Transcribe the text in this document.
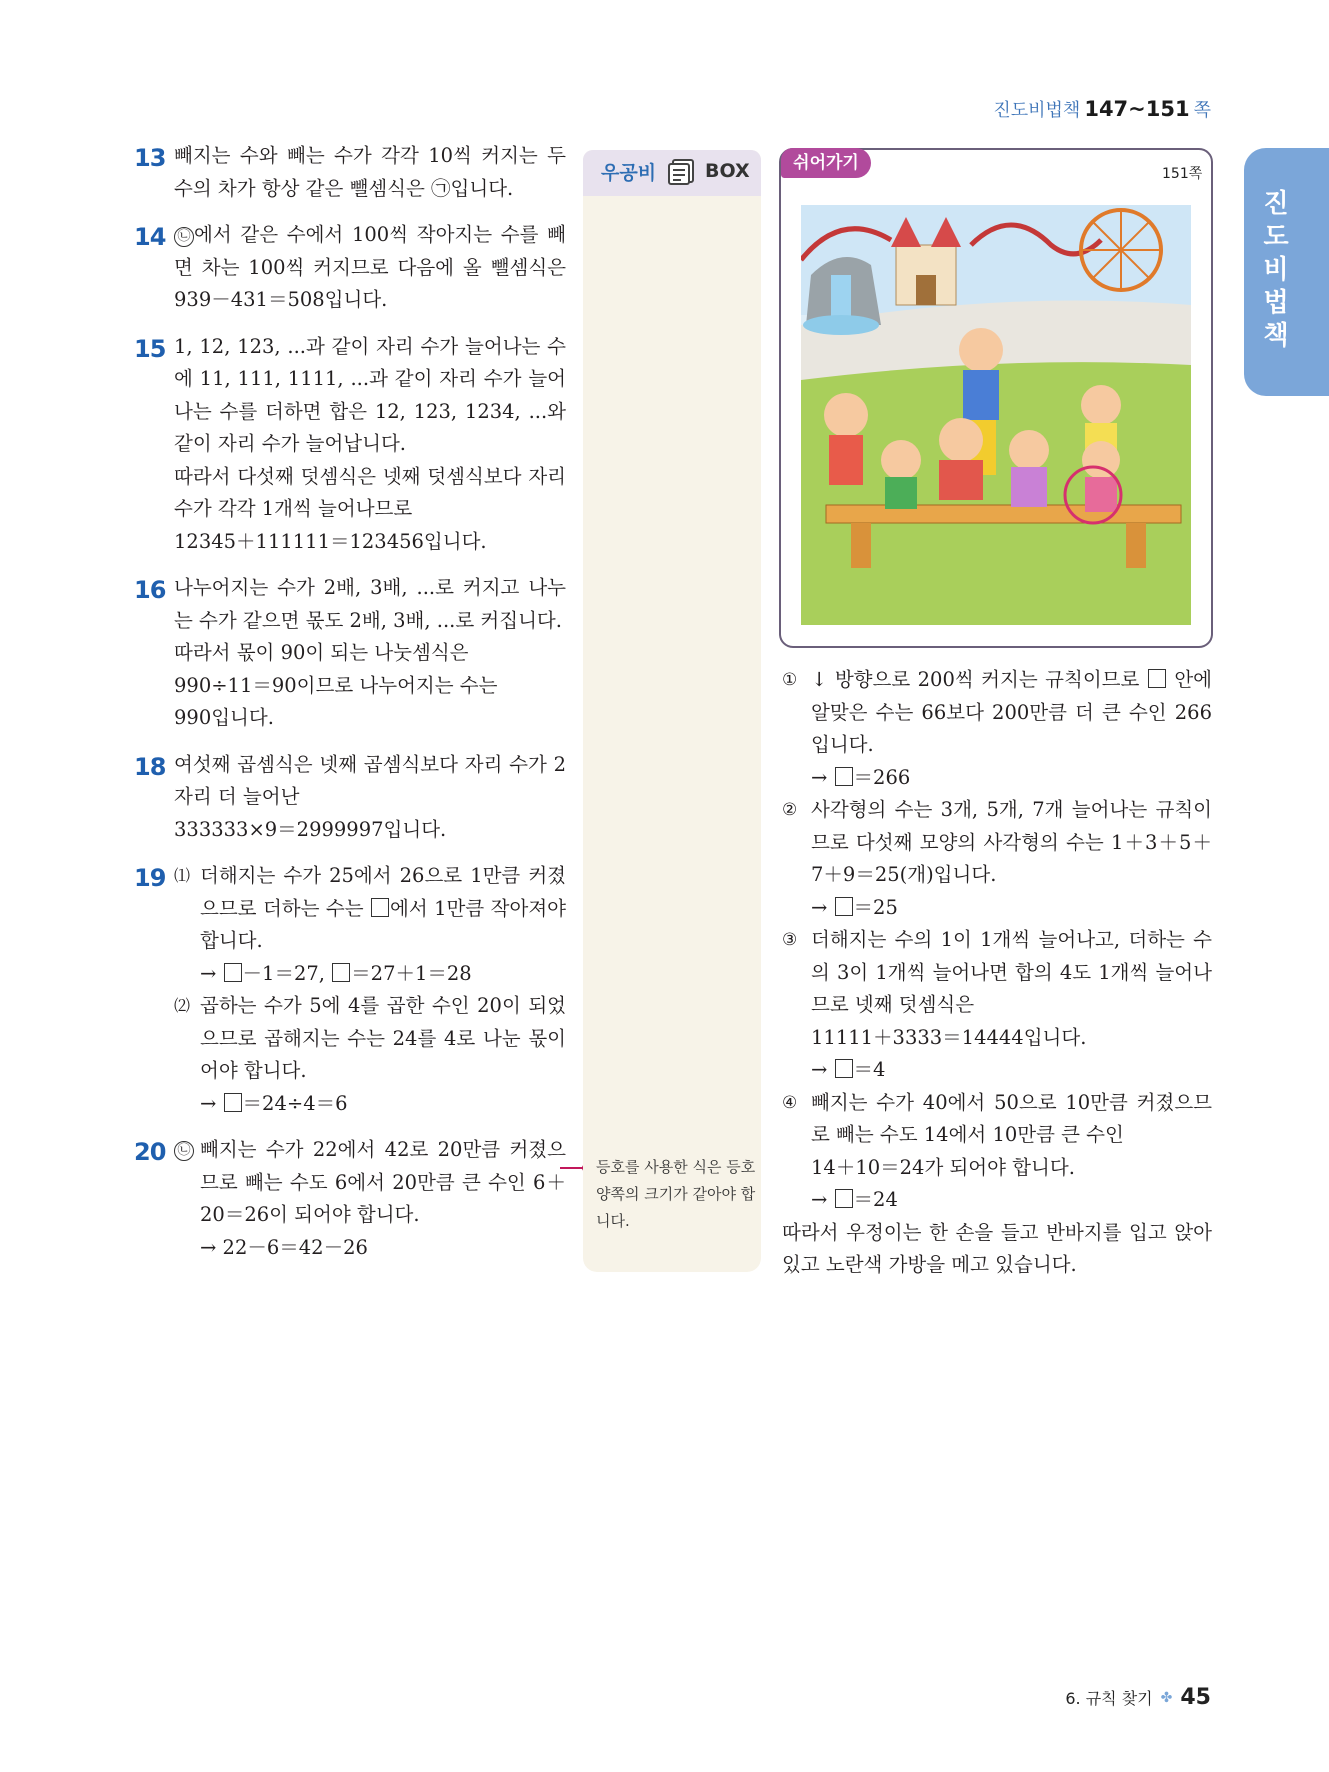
진도비법책 147~151 쪽
진도비법책
13 빼지는 수와 빼는 수가 각각 10씩 커지는 두 수의 차가 항상 같은 뺄셈식은 ㉠입니다.
14 ㉡ 에서 같은 수에서 100씩 작아지는 수를 빼면 차는 100씩 커지므로 다음에 올 뺄셈식은 939－431＝508입니다.
15 1, 12, 123, ...과 같이 자리 수가 늘어나는 수에 11, 111, 1111, ...과 같이 자리 수가 늘어나는 수를 더하면 합은 12, 123, 1234, ...와 같이 자리 수가 늘어납니다.
따라서 다섯째 덧셈식은 넷째 덧셈식보다 자리 수가 각각 1개씩 늘어나므로
12345＋111111＝123456입니다.
16 나누어지는 수가 2배, 3배, ...로 커지고 나누는 수가 같으면 몫도 2배, 3배, ...로 커집니다.
따라서 몫이 90이 되는 나눗셈식은
990÷11＝90이므로 나누어지는 수는
990입니다.
18 여섯째 곱셈식은 넷째 곱셈식보다 자리 수가 2자리 더 늘어난
333333×9＝2999997입니다.
19 ⑴ 더해지는 수가 25에서 26으로 1만큼 커졌으므로 더하는 수는 에서 1만큼 작아져야 합니다.
→ －1＝27, ＝27＋1＝28
⑵ 곱하는 수가 5에 4를 곱한 수인 20이 되었으므로 곱해지는 수는 24를 4로 나눈 몫이어야 합니다.
→ ＝24÷4＝6
20 ㉡ 빼지는 수가 22에서 42로 20만큼 커졌으므로 빼는 수도 6에서 20만큼 큰 수인 6＋20＝26이 되어야 합니다.
→ 22－6＝42－26
우공비	BOX
등호를 사용한 식은 등호 양쪽의 크기가 같아야 합니다.
쉬어가기
151쪽
① ↓ 방향으로 200씩 커지는 규칙이므로  안에 알맞은 수는 66보다 200만큼 더 큰 수인 266입니다.
→ ＝266
② 사각형의 수는 3개, 5개, 7개 늘어나는 규칙이므로 다섯째 모양의 사각형의 수는 1＋3＋5＋7＋9＝25(개)입니다.
→ ＝25
③ 더해지는 수의 1이 1개씩 늘어나고, 더하는 수의 3이 1개씩 늘어나면 합의 4도 1개씩 늘어나므로 넷째 덧셈식은
11111＋3333＝14444입니다.
→ ＝4
④ 빼지는 수가 40에서 50으로 10만큼 커졌으므로 빼는 수도 14에서 10만큼 큰 수인
14＋10＝24가 되어야 합니다.
→ ＝24
따라서 우정이는 한 손을 들고 반바지를 입고 앉아 있고 노란색 가방을 메고 있습니다.
6. 규칙 찾기 ✤ 45
